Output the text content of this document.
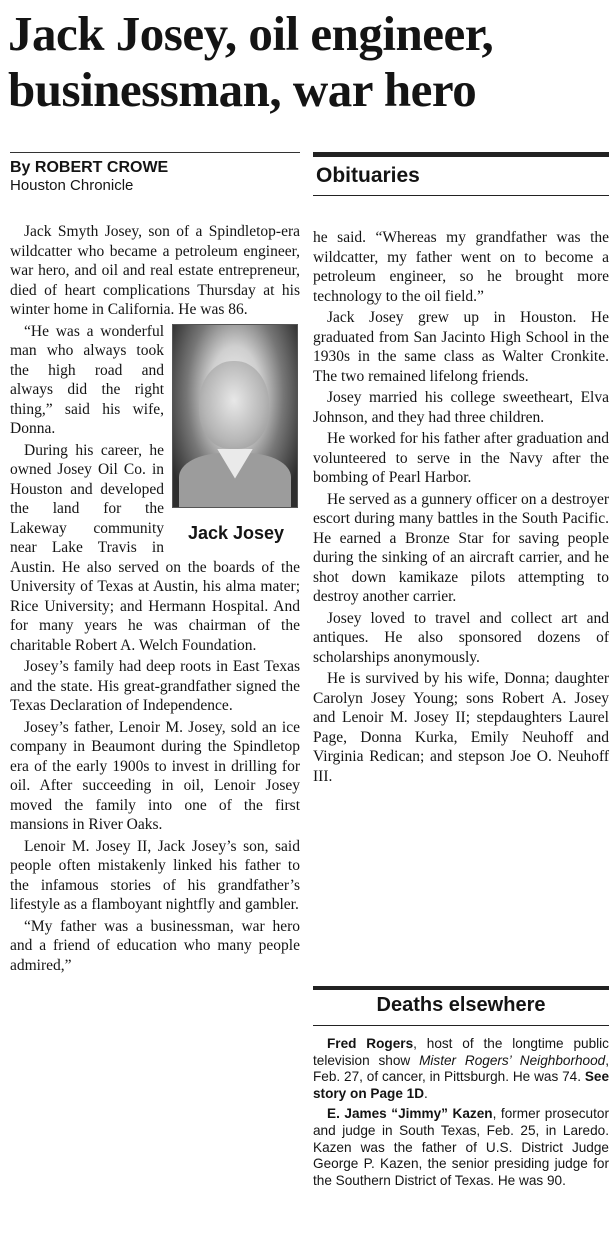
Jack Josey, oil engineer, businessman, war hero
By ROBERT CROWE
Houston Chronicle	Obituaries

Jack Smyth Josey, son of a Spindletop-era wildcatter who became a petroleum engineer, war hero, and oil and real estate entrepreneur, died of heart complications Thursday at his winter home in California. He was 86.

Jack Josey

“He was a wonderful man who always took the high road and always did the right thing,” said his wife, Donna.

During his career, he owned Josey Oil Co. in Houston and developed the land for the Lakeway community near Lake Travis in Austin. He also served on the boards of the University of Texas at Austin, his alma mater; Rice University; and Hermann Hospital. And for many years he was chairman of the charitable Robert A. Welch Foundation.

Josey’s family had deep roots in East Texas and the state. His great-grandfather signed the Texas Declaration of Independence.

Josey’s father, Lenoir M. Josey, sold an ice company in Beaumont during the Spindletop era of the early 1900s to invest in drilling for oil. After succeeding in oil, Lenoir Josey moved the family into one of the first mansions in River Oaks.

Lenoir M. Josey II, Jack Josey’s son, said people often mistakenly linked his father to the infamous stories of his grandfather’s lifestyle as a flamboyant nightfly and gambler.

“My father was a businessman, war hero and a friend of education who many people admired,”

he said. “Whereas my grandfather was the wildcatter, my father went on to become a petroleum engineer, so he brought more technology to the oil field.”

Jack Josey grew up in Houston. He graduated from San Jacinto High School in the 1930s in the same class as Walter Cronkite. The two remained lifelong friends.

Josey married his college sweetheart, Elva Johnson, and they had three children.

He worked for his father after graduation and volunteered to serve in the Navy after the bombing of Pearl Harbor.

He served as a gunnery officer on a destroyer escort during many battles in the South Pacific. He earned a Bronze Star for saving people during the sinking of an aircraft carrier, and he shot down kamikaze pilots attempting to destroy another carrier.

Josey loved to travel and collect art and antiques. He also sponsored dozens of scholarships anonymously.

He is survived by his wife, Donna; daughter Carolyn Josey Young; sons Robert A. Josey and Lenoir M. Josey II; stepdaughters Laurel Page, Donna Kurka, Emily Neuhoff and Virginia Redican; and stepson Joe O. Neuhoff III.

Deaths elsewhere

Fred Rogers, host of the longtime public television show Mister Rogers’ Neighborhood, Feb. 27, of cancer, in Pittsburgh. He was 74. See story on Page 1D.

E. James “Jimmy” Kazen, former prosecutor and judge in South Texas, Feb. 25, in Laredo. Kazen was the father of U.S. District Judge George P. Kazen, the senior presiding judge for the Southern District of Texas. He was 90.
